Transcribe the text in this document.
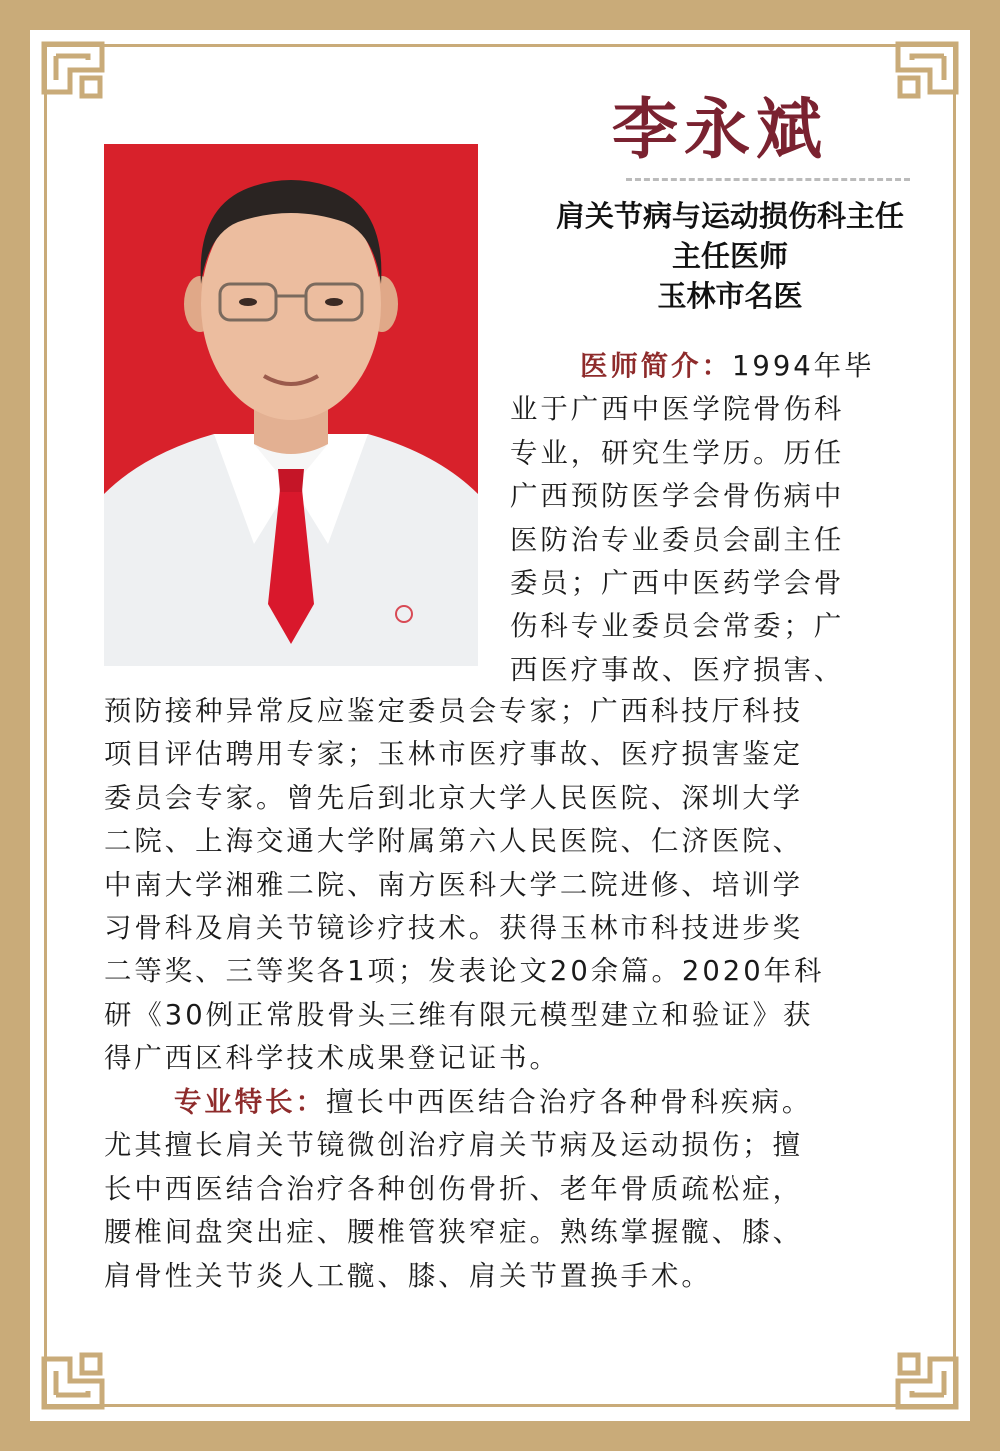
李永斌
肩关节病与运动损伤科主任
主任医师
玉林市名医
医师简介：1994年毕
业于广西中医学院骨伤科
专业，研究生学历。历任
广西预防医学会骨伤病中
医防治专业委员会副主任
委员；广西中医药学会骨
伤科专业委员会常委；广
西医疗事故、医疗损害、
预防接种异常反应鉴定委员会专家；广西科技厅科技
项目评估聘用专家；玉林市医疗事故、医疗损害鉴定
委员会专家。曾先后到北京大学人民医院、深圳大学
二院、上海交通大学附属第六人民医院、仁济医院、
中南大学湘雅二院、南方医科大学二院进修、培训学
习骨科及肩关节镜诊疗技术。获得玉林市科技进步奖
二等奖、三等奖各1项；发表论文20余篇。2020年科
研《30例正常股骨头三维有限元模型建立和验证》获
得广西区科学技术成果登记证书。
专业特长：擅长中西医结合治疗各种骨科疾病。
尤其擅长肩关节镜微创治疗肩关节病及运动损伤；擅
长中西医结合治疗各种创伤骨折、老年骨质疏松症，
腰椎间盘突出症、腰椎管狭窄症。熟练掌握髋、膝、
肩骨性关节炎人工髋、膝、肩关节置换手术。
